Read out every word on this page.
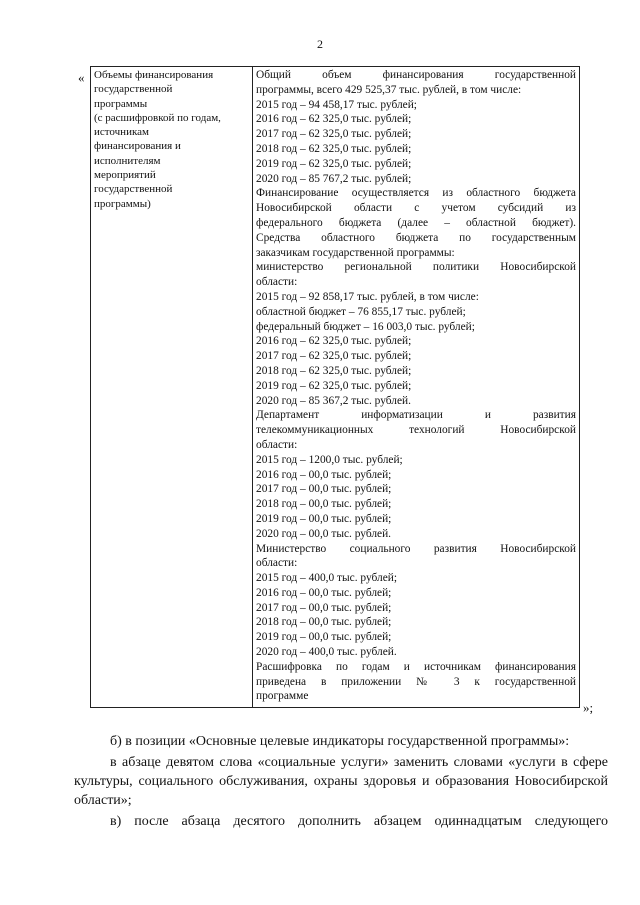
2
« Объемы финансирования
государственной
программы
(с расшифровкой по годам,
источникам
финансирования и
исполнителям
мероприятий
государственной
программы)

Общий объем финансирования государственной
программы, всего 429 525,37 тыс. рублей, в том числе:
2015 год – 94 458,17 тыс. рублей;
2016 год – 62 325,0 тыс. рублей;
2017 год – 62 325,0 тыс. рублей;
2018 год – 62 325,0 тыс. рублей;
2019 год – 62 325,0 тыс. рублей;
2020 год – 85 767,2 тыс. рублей;
Финансирование осуществляется из областного бюджета
Новосибирской области с учетом субсидий из
федерального бюджета (далее – областной бюджет).
Средства областного бюджета по государственным
заказчикам государственной программы:
министерство региональной политики Новосибирской
области:
2015 год – 92 858,17 тыс. рублей, в том числе:
областной бюджет – 76 855,17 тыс. рублей;
федеральный бюджет – 16 003,0 тыс. рублей;
2016 год – 62 325,0 тыс. рублей;
2017 год – 62 325,0 тыс. рублей;
2018 год – 62 325,0 тыс. рублей;
2019 год – 62 325,0 тыс. рублей;
2020 год – 85 367,2 тыс. рублей.
Департамент информатизации и развития
телекоммуникационных технологий Новосибирской
области:
2015 год – 1200,0 тыс. рублей;
2016 год – 00,0 тыс. рублей;
2017 год – 00,0 тыс. рублей;
2018 год – 00,0 тыс. рублей;
2019 год – 00,0 тыс. рублей;
2020 год – 00,0 тыс. рублей.
Министерство социального развития Новосибирской
области:
2015 год – 400,0 тыс. рублей;
2016 год – 00,0 тыс. рублей;
2017 год – 00,0 тыс. рублей;
2018 год – 00,0 тыс. рублей;
2019 год – 00,0 тыс. рублей;
2020 год – 400,0 тыс. рублей.
Расшифровка по годам и источникам финансирования
приведена в приложении № 3 к государственной
программе
»;

б) в позиции «Основные целевые индикаторы государственной программы»:

в абзаце девятом слова «социальные услуги» заменить словами «услуги в сфере культуры, социального обслуживания, охраны здоровья и образования Новосибирской области»;

в) после абзаца десятого дополнить абзацем одиннадцатым следующего
